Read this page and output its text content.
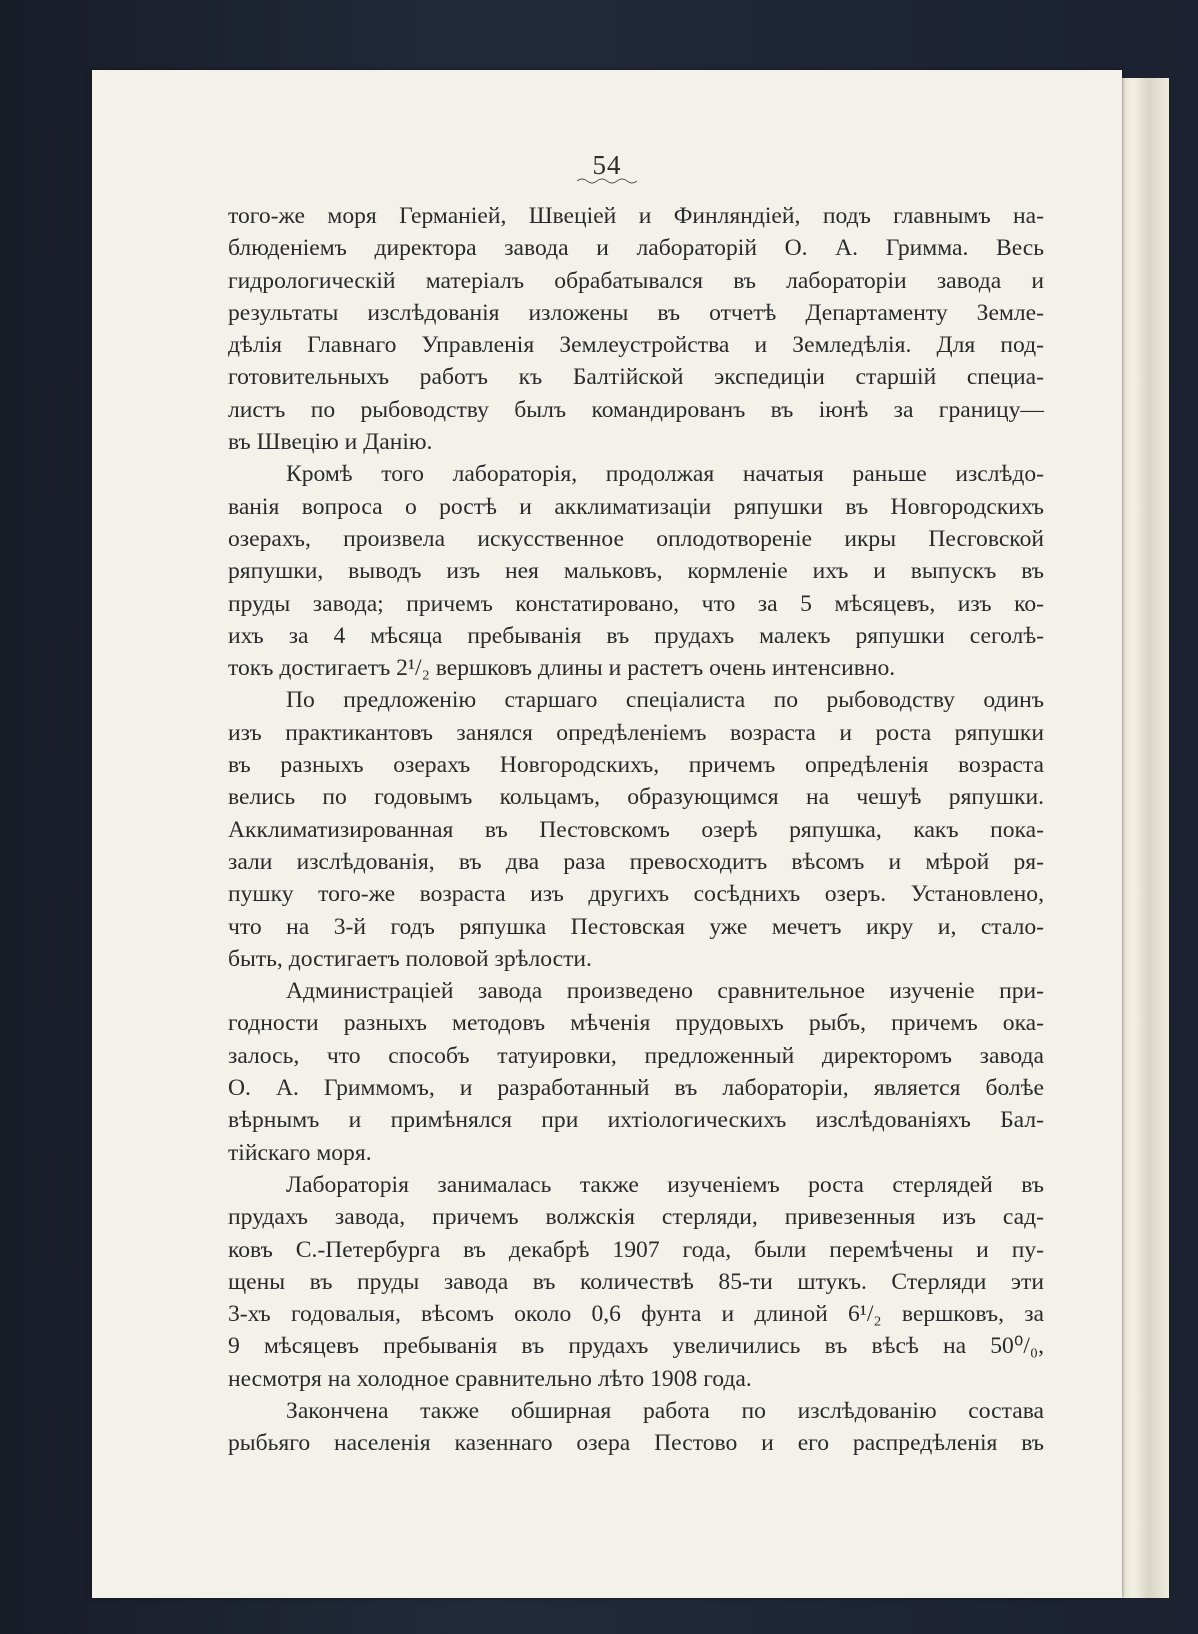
54
того-же моря Германіей, Швеціей и Финляндіей, подъ главнымъ на-
блюденіемъ директора завода и лабораторій О. А. Гримма. Весь
гидрологическій матеріалъ обрабатывался въ лабораторіи завода и
результаты изслѣдованія изложены въ отчетѣ Департаменту Земле-
дѣлія Главнаго Управленія Землеустройства и Земледѣлія. Для под-
готовительныхъ работъ къ Балтійской экспедиціи старшій специа-
листъ по рыбоводству былъ командированъ въ іюнѣ за границу—
въ Швецію и Данію.
Кромѣ того лабораторія, продолжая начатыя раньше изслѣдо-
ванія вопроса о ростѣ и акклиматизаціи ряпушки въ Новгородскихъ
озерахъ, произвела искусственное оплодотвореніе икры Песговской
ряпушки, выводъ изъ нея мальковъ, кормленіе ихъ и выпускъ въ
пруды завода; причемъ констатировано, что за 5 мѣсяцевъ, изъ ко-
ихъ за 4 мѣсяца пребыванія въ прудахъ малекъ ряпушки сеголѣ-
токъ достигаетъ 2¹/₂ вершковъ длины и растетъ очень интенсивно.
По предложенію старшаго спеціалиста по рыбоводству одинъ
изъ практикантовъ занялся опредѣленіемъ возраста и роста ряпушки
въ разныхъ озерахъ Новгородскихъ, причемъ опредѣленія возраста
велись по годовымъ кольцамъ, образующимся на чешуѣ ряпушки.
Акклиматизированная въ Пестовскомъ озерѣ ряпушка, какъ пока-
зали изслѣдованія, въ два раза превосходитъ вѣсомъ и мѣрой ря-
пушку того-же возраста изъ другихъ сосѣднихъ озеръ. Установлено,
что на 3-й годъ ряпушка Пестовская уже мечетъ икру и, стало-
быть, достигаетъ половой зрѣлости.
Администраціей завода произведено сравнительное изученіе при-
годности разныхъ методовъ мѣченія прудовыхъ рыбъ, причемъ ока-
залось, что способъ татуировки, предложенный директоромъ завода
О. А. Гриммомъ, и разработанный въ лабораторіи, является болѣе
вѣрнымъ и примѣнялся при ихтіологическихъ изслѣдованіяхъ Бал-
тійскаго моря.
Лабораторія занималась также изученіемъ роста стерлядей въ
прудахъ завода, причемъ волжскія стерляди, привезенныя изъ сад-
ковъ С.-Петербурга въ декабрѣ 1907 года, были перемѣчены и пу-
щены въ пруды завода въ количествѣ 85-ти штукъ. Стерляди эти
3-хъ годовалыя, вѣсомъ около 0,6 фунта и длиной 6¹/₂ вершковъ, за
9 мѣсяцевъ пребыванія въ прудахъ увеличились въ вѣсѣ на 50⁰/₀,
несмотря на холодное сравнительно лѣто 1908 года.
Закончена также обширная работа по изслѣдованію состава
рыбьяго населенія казеннаго озера Пестово и его распредѣленія въ
